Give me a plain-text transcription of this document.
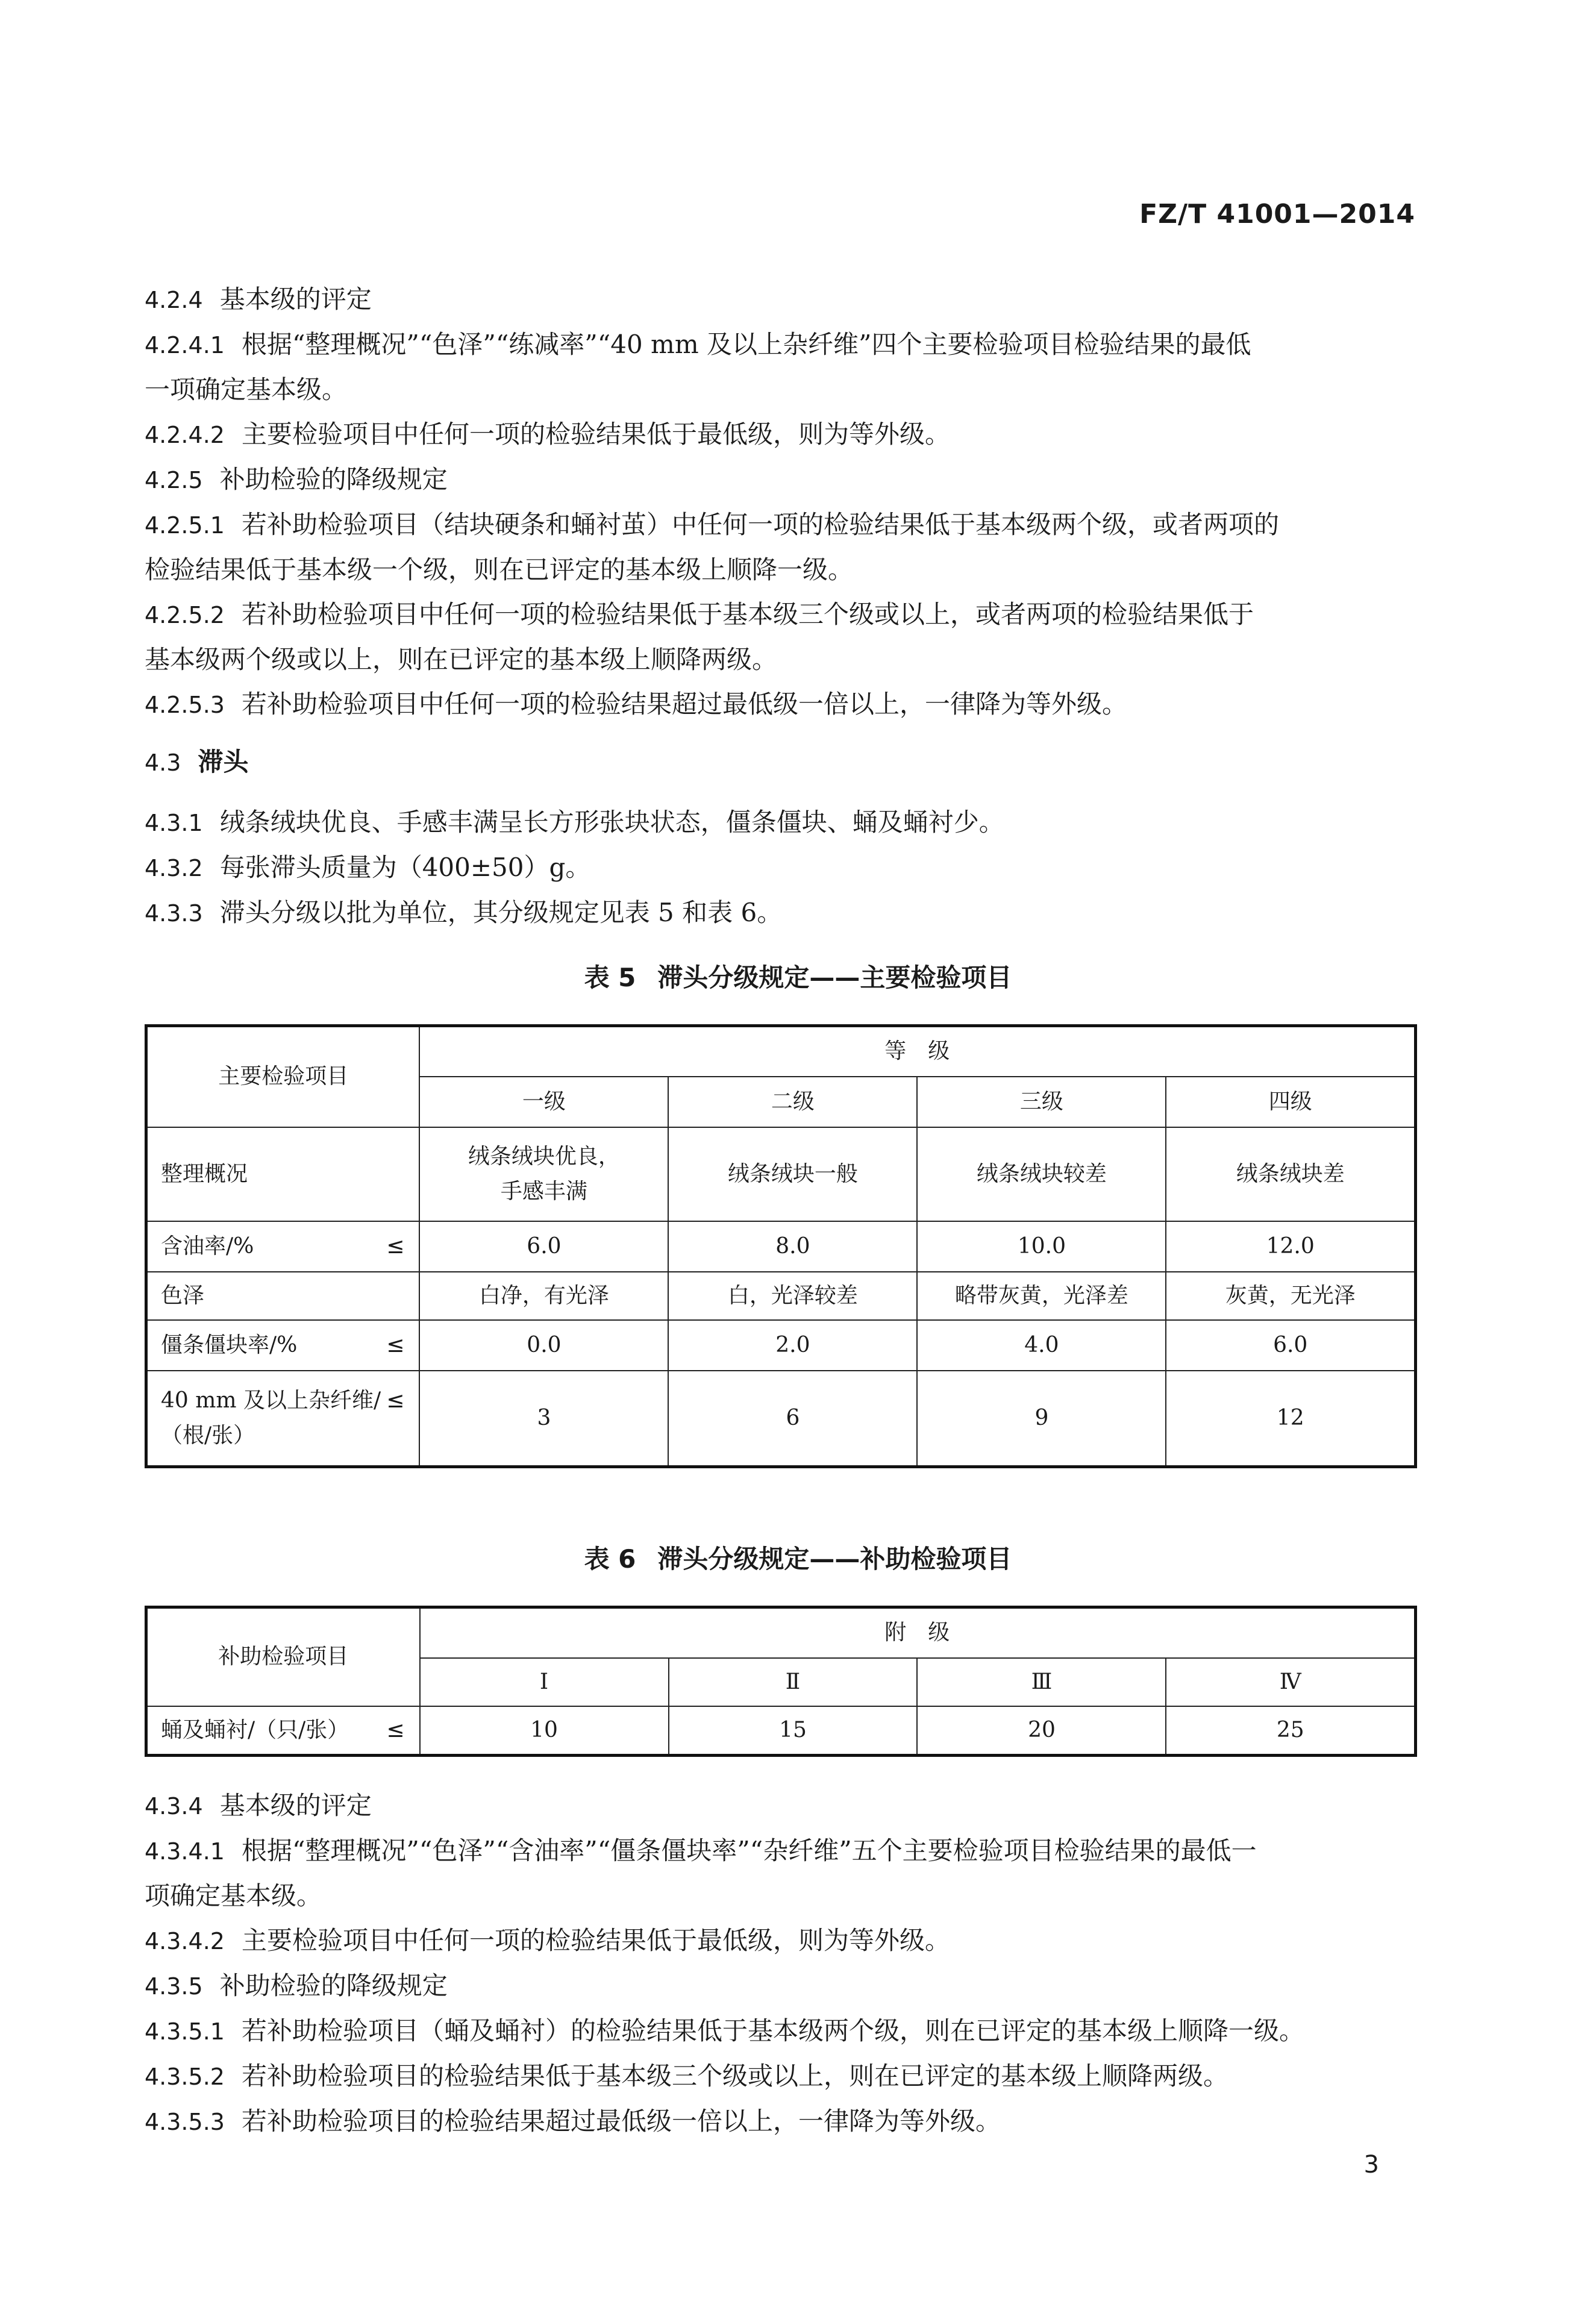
FZ/T 41001—2014

4.2.4 基本级的评定

4.2.4.1 根据“整理概况”“色泽”“练减率”“40 mm 及以上杂纤维”四个主要检验项目检验结果的最低

一项确定基本级。

4.2.4.2 主要检验项目中任何一项的检验结果低于最低级，则为等外级。

4.2.5 补助检验的降级规定

4.2.5.1 若补助检验项目（结块硬条和蛹衬茧）中任何一项的检验结果低于基本级两个级，或者两项的

检验结果低于基本级一个级，则在已评定的基本级上顺降一级。

4.2.5.2 若补助检验项目中任何一项的检验结果低于基本级三个级或以上，或者两项的检验结果低于

基本级两个级或以上，则在已评定的基本级上顺降两级。

4.2.5.3 若补助检验项目中任何一项的检验结果超过最低级一倍以上，一律降为等外级。

4.3 滞头

4.3.1 绒条绒块优良、手感丰满呈长方形张块状态，僵条僵块、蛹及蛹衬少。

4.3.2 每张滞头质量为（400±50）g。

4.3.3 滞头分级以批为单位，其分级规定见表 5 和表 6。

表 5 滞头分级规定——主要检验项目
主要检验项目	等　级			
	一级	二级	三级	四级
整理概况	绒条绒块优良，
手感丰满	绒条绒块一般	绒条绒块较差	绒条绒块差
含油率/% ≤	6.0	8.0	10.0	12.0
色泽	白净，有光泽	白，光泽较差	略带灰黄，光泽差	灰黄，无光泽
僵条僵块率/% ≤	0.0	2.0	4.0	6.0
40 mm 及以上杂纤维/
（根/张）
≤	3	6	9	12
表 6 滞头分级规定——补助检验项目
补助检验项目	附　级			
	Ⅰ	Ⅱ	Ⅲ	Ⅳ
蛹及蛹衬/（只/张） ≤	10	15	20	25

4.3.4 基本级的评定

4.3.4.1 根据“整理概况”“色泽”“含油率”“僵条僵块率”“杂纤维”五个主要检验项目检验结果的最低一

项确定基本级。

4.3.4.2 主要检验项目中任何一项的检验结果低于最低级，则为等外级。

4.3.5 补助检验的降级规定

4.3.5.1 若补助检验项目（蛹及蛹衬）的检验结果低于基本级两个级，则在已评定的基本级上顺降一级。

4.3.5.2 若补助检验项目的检验结果低于基本级三个级或以上，则在已评定的基本级上顺降两级。

4.3.5.3 若补助检验项目的检验结果超过最低级一倍以上，一律降为等外级。

3
